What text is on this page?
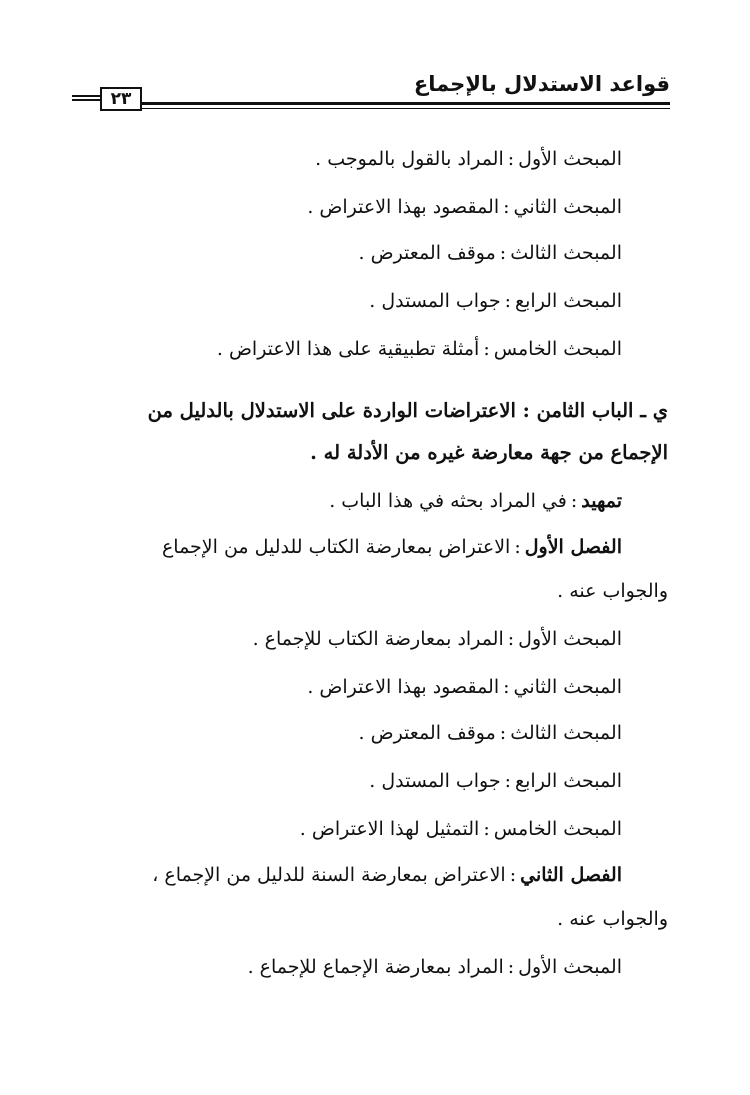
قواعد الاستدلال بالإجماع
٢٣
المبحث الأول:المراد بالقول بالموجب .
المبحث الثاني:المقصود بهذا الاعتراض .
المبحث الثالث:موقف المعترض .
المبحث الرابع:جواب المستدل .
المبحث الخامس:أمثلة تطبيقية على هذا الاعتراض .
ي ـ الباب الثامن : الاعتراضات الواردة على الاستدلال بالدليل من
الإجماع من جهة معارضة غيره من الأدلة له .
تمهيد:في المراد بحثه في هذا الباب .
الفصل الأول:الاعتراض بمعارضة الكتاب للدليل من الإجماع
والجواب عنه .
المبحث الأول:المراد بمعارضة الكتاب للإجماع .
المبحث الثاني:المقصود بهذا الاعتراض .
المبحث الثالث:موقف المعترض .
المبحث الرابع:جواب المستدل .
المبحث الخامس:التمثيل لهذا الاعتراض .
الفصل الثاني:الاعتراض بمعارضة السنة للدليل من الإجماع ،
والجواب عنه .
المبحث الأول:المراد بمعارضة الإجماع للإجماع .
